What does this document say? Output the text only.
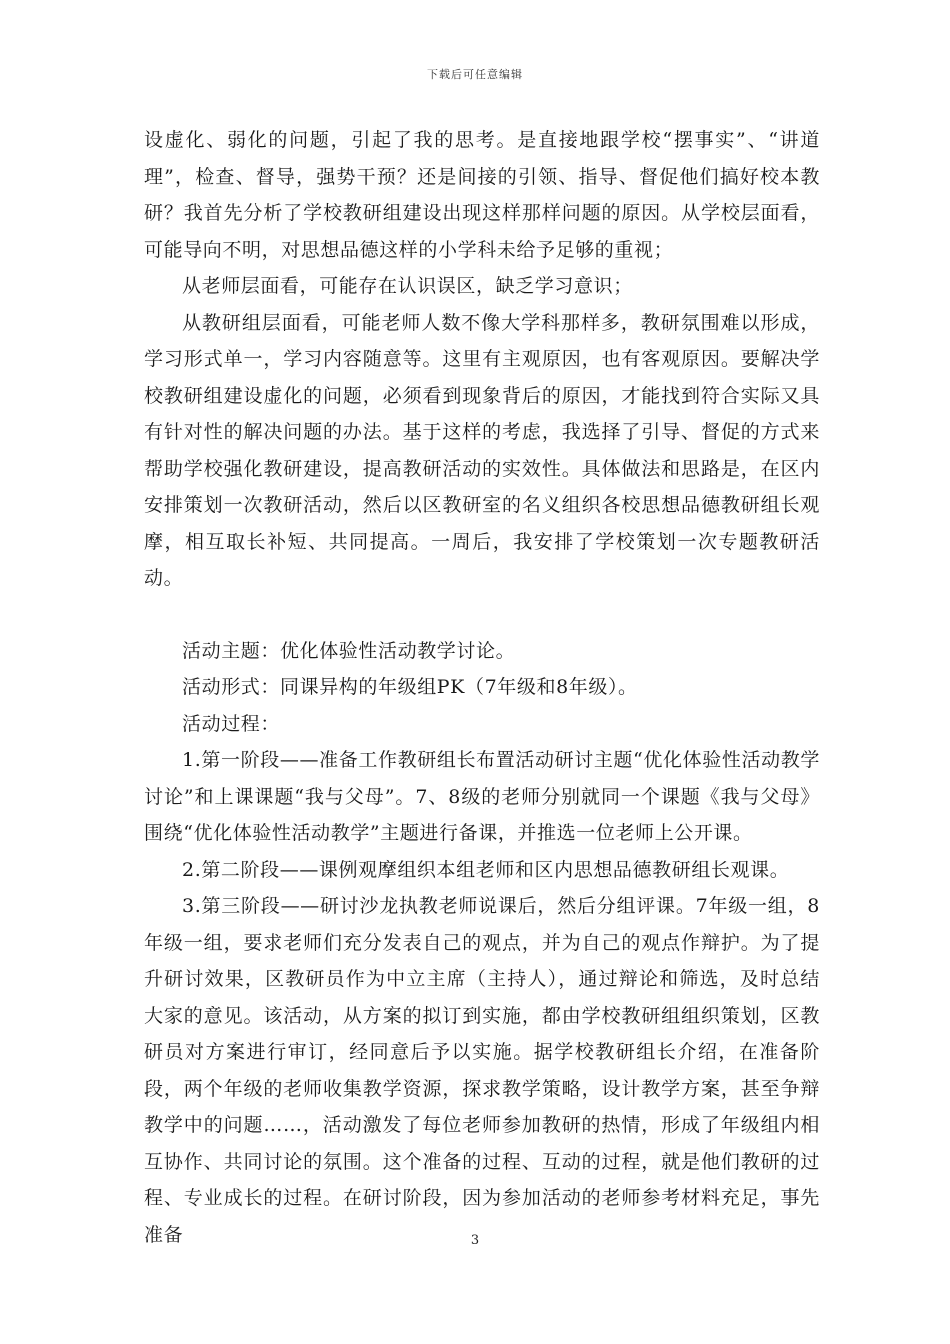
下载后可任意编辑

设虚化、弱化的问题，引起了我的思考。是直接地跟学校“摆事实”、“讲道理”，检查、督导，强势干预？还是间接的引领、指导、督促他们搞好校本教研？我首先分析了学校教研组建设出现这样那样问题的原因。从学校层面看，可能导向不明，对思想品德这样的小学科未给予足够的重视；

从老师层面看，可能存在认识误区，缺乏学习意识；

从教研组层面看，可能老师人数不像大学科那样多，教研氛围难以形成，学习形式单一，学习内容随意等。这里有主观原因，也有客观原因。要解决学校教研组建设虚化的问题，必须看到现象背后的原因，才能找到符合实际又具有针对性的解决问题的办法。基于这样的考虑，我选择了引导、督促的方式来帮助学校强化教研建设，提高教研活动的实效性。具体做法和思路是，在区内安排策划一次教研活动，然后以区教研室的名义组织各校思想品德教研组长观摩，相互取长补短、共同提高。一周后，我安排了学校策划一次专题教研活动。

活动主题：优化体验性活动教学讨论。

活动形式：同课异构的年级组PK（7年级和8年级）。

活动过程：

1.第一阶段——准备工作教研组长布置活动研讨主题“优化体验性活动教学讨论”和上课课题“我与父母”。7、8级的老师分别就同一个课题《我与父母》围绕“优化体验性活动教学”主题进行备课，并推选一位老师上公开课。

2.第二阶段——课例观摩组织本组老师和区内思想品德教研组长观课。

3.第三阶段——研讨沙龙执教老师说课后，然后分组评课。7年级一组，8年级一组，要求老师们充分发表自己的观点，并为自己的观点作辩护。为了提升研讨效果，区教研员作为中立主席（主持人），通过辩论和筛选，及时总结大家的意见。该活动，从方案的拟订到实施，都由学校教研组组织策划，区教研员对方案进行审订，经同意后予以实施。据学校教研组长介绍，在准备阶段，两个年级的老师收集教学资源，探求教学策略，设计教学方案，甚至争辩教学中的问题……，活动激发了每位老师参加教研的热情，形成了年级组内相互协作、共同讨论的氛围。这个准备的过程、互动的过程，就是他们教研的过程、专业成长的过程。在研讨阶段，因为参加活动的老师参考材料充足，事先准备	3
